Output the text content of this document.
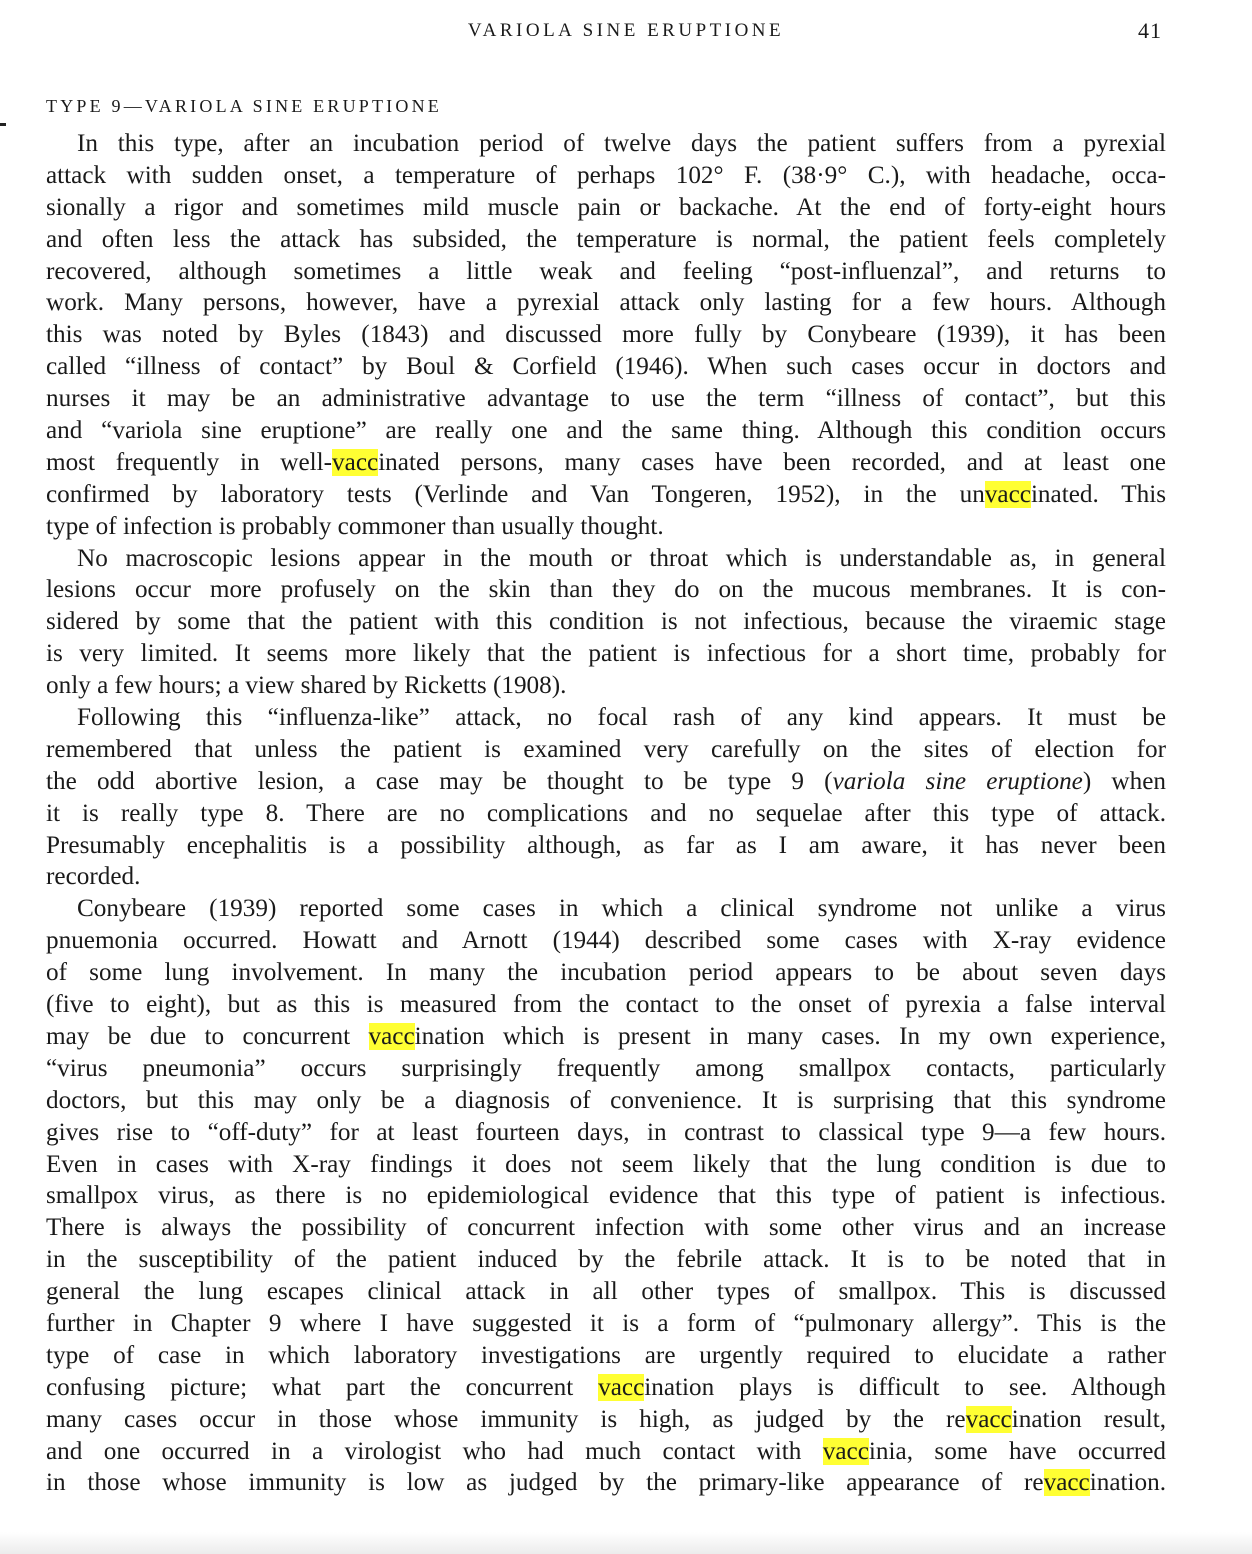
VARIOLA SINE ERUPTIONE	41
TYPE 9—VARIOLA SINE ERUPTIONE
In this type, after an incubation period of twelve days the patient suffers from a pyrexial
attack with sudden onset, a temperature of perhaps 102° F. (38·9° C.), with headache, occa-
sionally a rigor and sometimes mild muscle pain or backache. At the end of forty-eight hours
and often less the attack has subsided, the temperature is normal, the patient feels completely
recovered, although sometimes a little weak and feeling “post-influenzal”, and returns to
work. Many persons, however, have a pyrexial attack only lasting for a few hours. Although
this was noted by Byles (1843) and discussed more fully by Conybeare (1939), it has been
called “illness of contact” by Boul & Corfield (1946). When such cases occur in doctors and
nurses it may be an administrative advantage to use the term “illness of contact”, but this
and “variola sine eruptione” are really one and the same thing. Although this condition occurs
most frequently in well-vaccinated persons, many cases have been recorded, and at least one
confirmed by laboratory tests (Verlinde and Van Tongeren, 1952), in the unvaccinated. This
type of infection is probably commoner than usually thought.
No macroscopic lesions appear in the mouth or throat which is understandable as, in general
lesions occur more profusely on the skin than they do on the mucous membranes. It is con-
sidered by some that the patient with this condition is not infectious, because the viraemic stage
is very limited. It seems more likely that the patient is infectious for a short time, probably for
only a few hours; a view shared by Ricketts (1908).
Following this “influenza-like” attack, no focal rash of any kind appears. It must be
remembered that unless the patient is examined very carefully on the sites of election for
the odd abortive lesion, a case may be thought to be type 9 (variola sine eruptione) when
it is really type 8. There are no complications and no sequelae after this type of attack.
Presumably encephalitis is a possibility although, as far as I am aware, it has never been
recorded.
Conybeare (1939) reported some cases in which a clinical syndrome not unlike a virus
pnuemonia occurred. Howatt and Arnott (1944) described some cases with X-ray evidence
of some lung involvement. In many the incubation period appears to be about seven days
(five to eight), but as this is measured from the contact to the onset of pyrexia a false interval
may be due to concurrent vaccination which is present in many cases. In my own experience,
“virus pneumonia” occurs surprisingly frequently among smallpox contacts, particularly
doctors, but this may only be a diagnosis of convenience. It is surprising that this syndrome
gives rise to “off-duty” for at least fourteen days, in contrast to classical type 9—a few hours.
Even in cases with X-ray findings it does not seem likely that the lung condition is due to
smallpox virus, as there is no epidemiological evidence that this type of patient is infectious.
There is always the possibility of concurrent infection with some other virus and an increase
in the susceptibility of the patient induced by the febrile attack. It is to be noted that in
general the lung escapes clinical attack in all other types of smallpox. This is discussed
further in Chapter 9 where I have suggested it is a form of “pulmonary allergy”. This is the
type of case in which laboratory investigations are urgently required to elucidate a rather
confusing picture; what part the concurrent vaccination plays is difficult to see. Although
many cases occur in those whose immunity is high, as judged by the revaccination result,
and one occurred in a virologist who had much contact with vaccinia, some have occurred
in those whose immunity is low as judged by the primary-like appearance of revaccination.
